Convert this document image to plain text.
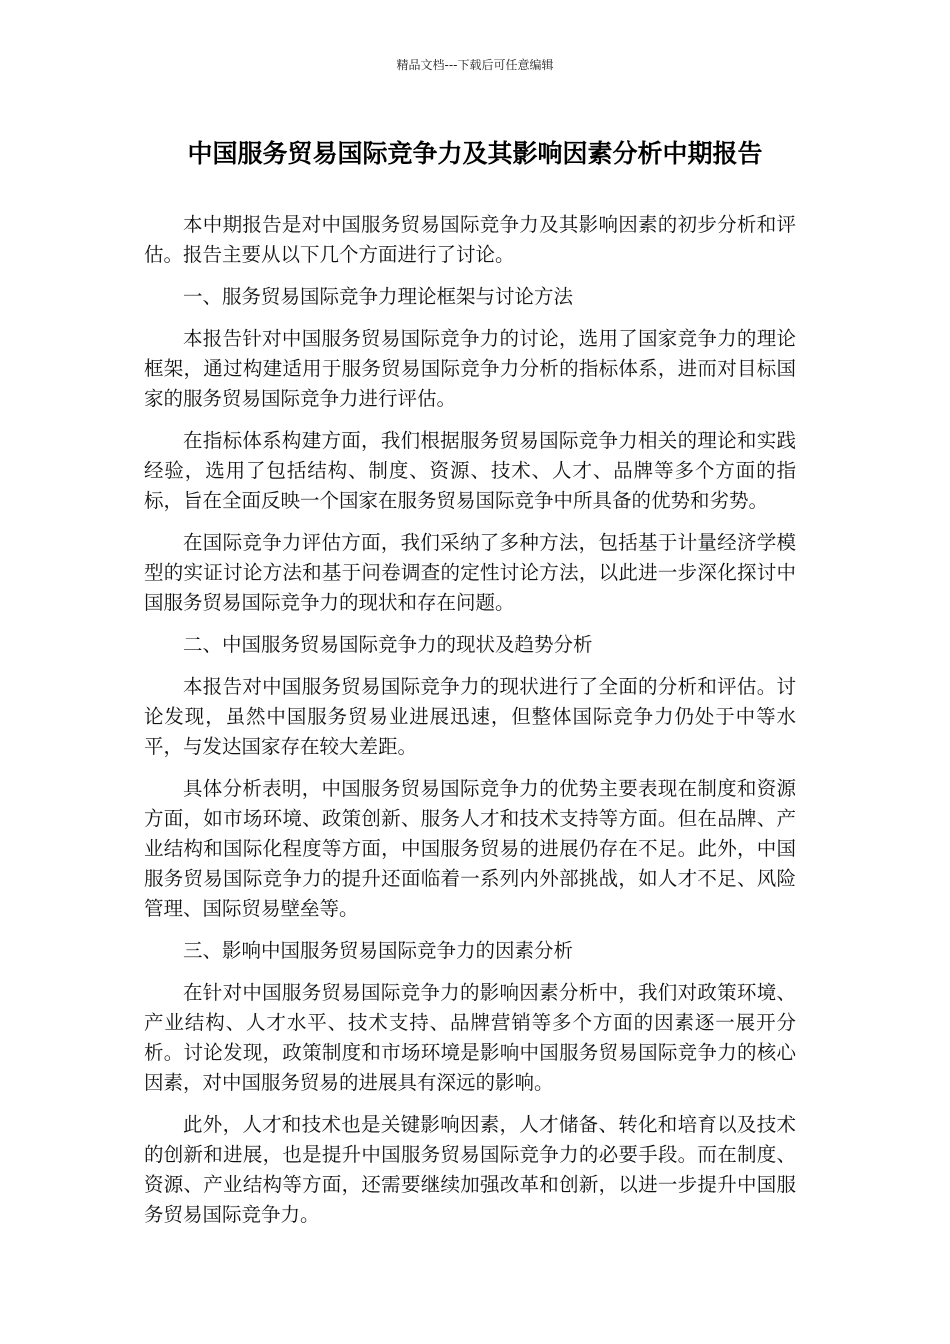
精品文档---下载后可任意编辑
中国服务贸易国际竞争力及其影响因素分析中期报告

本中期报告是对中国服务贸易国际竞争力及其影响因素的初步分析和评估。报告主要从以下几个方面进行了讨论。

一、服务贸易国际竞争力理论框架与讨论方法

本报告针对中国服务贸易国际竞争力的讨论，选用了国家竞争力的理论框架，通过构建适用于服务贸易国际竞争力分析的指标体系，进而对目标国家的服务贸易国际竞争力进行评估。

在指标体系构建方面，我们根据服务贸易国际竞争力相关的理论和实践经验，选用了包括结构、制度、资源、技术、人才、品牌等多个方面的指标，旨在全面反映一个国家在服务贸易国际竞争中所具备的优势和劣势。

在国际竞争力评估方面，我们采纳了多种方法，包括基于计量经济学模型的实证讨论方法和基于问卷调查的定性讨论方法，以此进一步深化探讨中国服务贸易国际竞争力的现状和存在问题。

二、中国服务贸易国际竞争力的现状及趋势分析

本报告对中国服务贸易国际竞争力的现状进行了全面的分析和评估。讨论发现，虽然中国服务贸易业进展迅速，但整体国际竞争力仍处于中等水平，与发达国家存在较大差距。

具体分析表明，中国服务贸易国际竞争力的优势主要表现在制度和资源方面，如市场环境、政策创新、服务人才和技术支持等方面。但在品牌、产业结构和国际化程度等方面，中国服务贸易的进展仍存在不足。此外，中国服务贸易国际竞争力的提升还面临着一系列内外部挑战，如人才不足、风险管理、国际贸易壁垒等。

三、影响中国服务贸易国际竞争力的因素分析

在针对中国服务贸易国际竞争力的影响因素分析中，我们对政策环境、产业结构、人才水平、技术支持、品牌营销等多个方面的因素逐一展开分析。讨论发现，政策制度和市场环境是影响中国服务贸易国际竞争力的核心因素，对中国服务贸易的进展具有深远的影响。

此外，人才和技术也是关键影响因素，人才储备、转化和培育以及技术的创新和进展，也是提升中国服务贸易国际竞争力的必要手段。而在制度、资源、产业结构等方面，还需要继续加强改革和创新，以进一步提升中国服务贸易国际竞争力。
